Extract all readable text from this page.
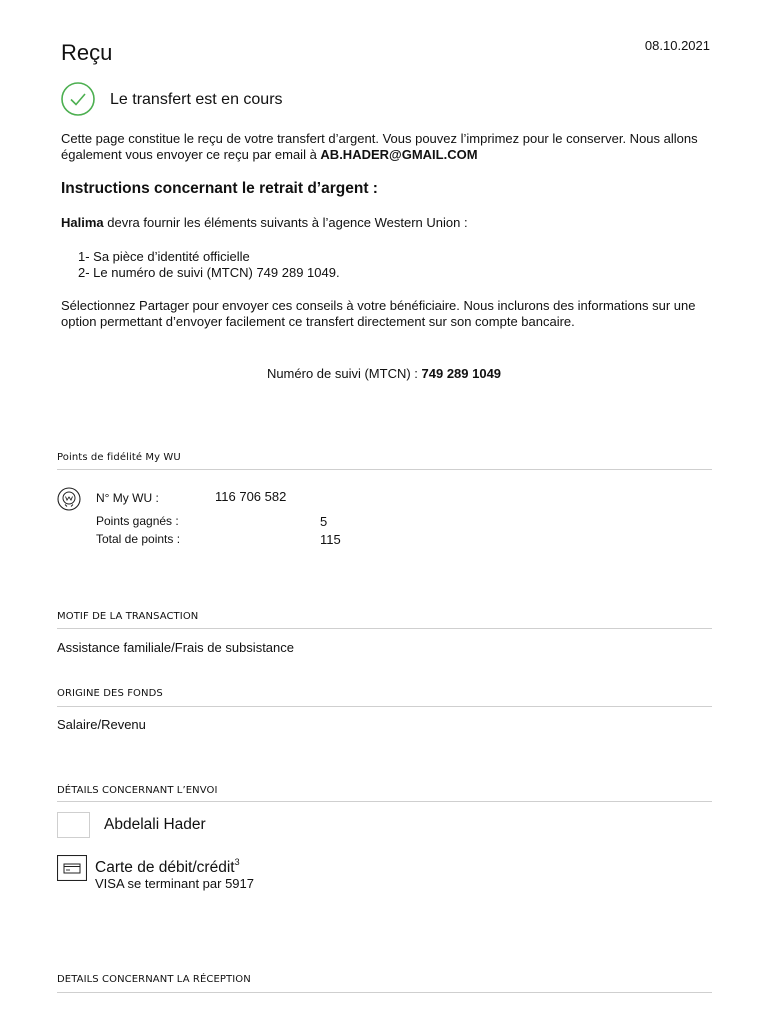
Reçu	08.10.2021
Le transfert est en cours
Cette page constitue le reçu de votre transfert d’argent. Vous pouvez l’imprimez pour le conserver. Nous allons également vous envoyer ce reçu par email à AB.HADER@GMAIL.COM
Instructions concernant le retrait d’argent :
Halima devra fournir les éléments suivants à l’agence Western Union :
1- Sa pièce d’identité officielle
2- Le numéro de suivi (MTCN) 749 289 1049.
Sélectionnez Partager pour envoyer ces conseils à votre bénéficiaire. Nous inclurons des informations sur une option permettant d’envoyer facilement ce transfert directement sur son compte bancaire.
Numéro de suivi (MTCN) : 749 289 1049
Points de fidélité My WU
N° My WU :	116 706 582
Points gagnés :	5
Total de points :	115
MOTIF DE LA TRANSACTION
Assistance familiale/Frais de subsistance
ORIGINE DES FONDS
Salaire/Revenu
DÉTAILS CONCERNANT L’ENVOI
Abdelali Hader
Carte de débit/crédit$^3$
VISA se terminant par 5917
DETAILS CONCERNANT LA RÉCEPTION
